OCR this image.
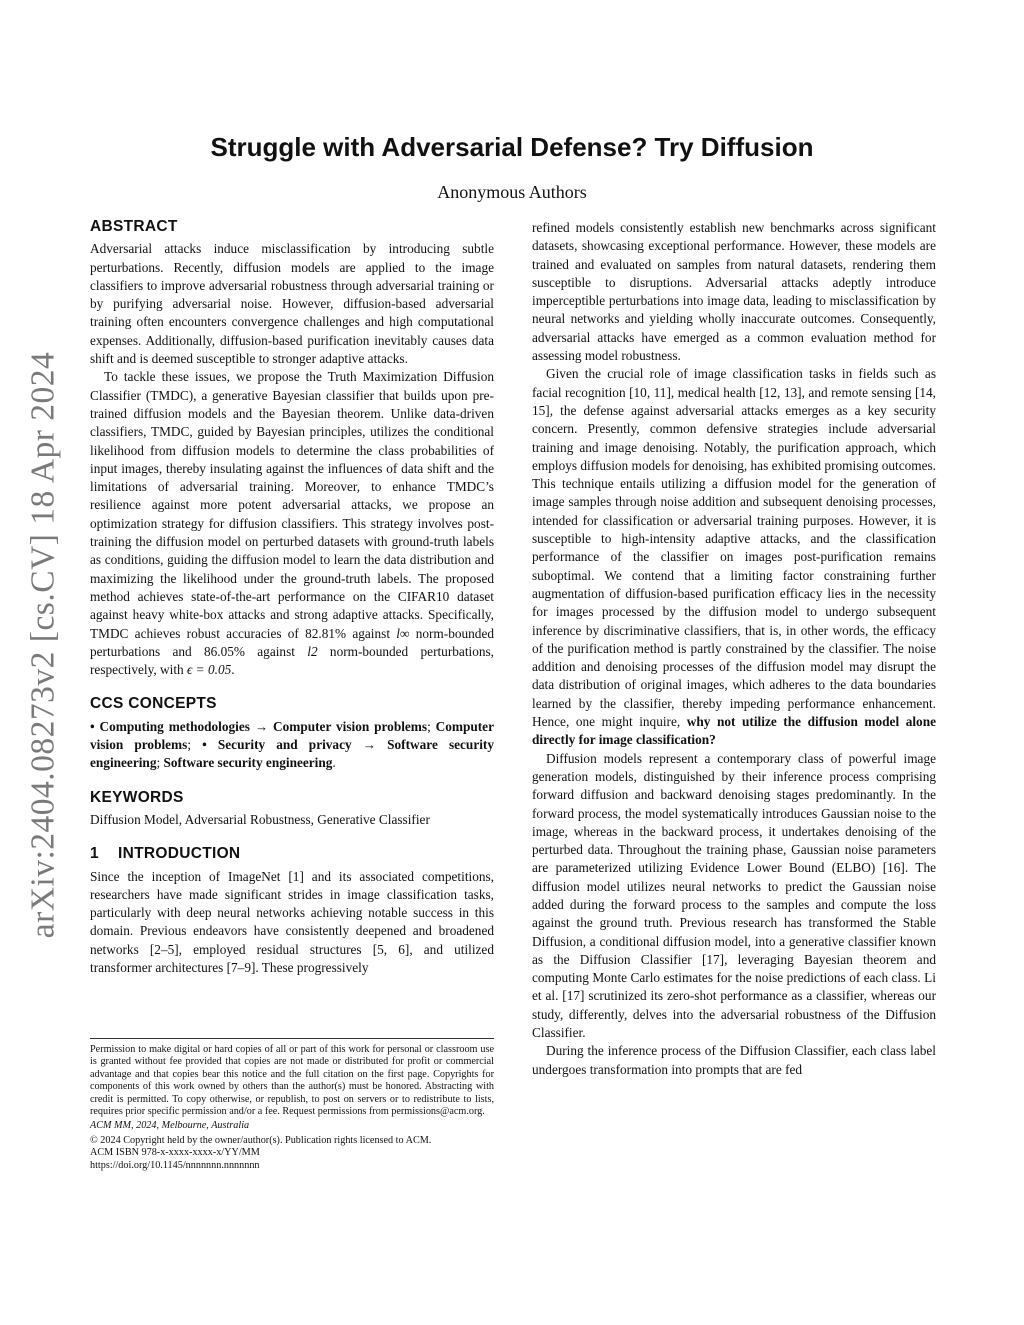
arXiv:2404.08273v2 [cs.CV] 18 Apr 2024
Struggle with Adversarial Defense? Try Diffusion
Anonymous Authors
ABSTRACT

Adversarial attacks induce misclassification by introducing subtle perturbations. Recently, diffusion models are applied to the image classifiers to improve adversarial robustness through adversarial training or by purifying adversarial noise. However, diffusion-based adversarial training often encounters convergence challenges and high computational expenses. Additionally, diffusion-based purification inevitably causes data shift and is deemed susceptible to stronger adaptive attacks.

To tackle these issues, we propose the Truth Maximization Diffusion Classifier (TMDC), a generative Bayesian classifier that builds upon pre-trained diffusion models and the Bayesian theorem. Unlike data-driven classifiers, TMDC, guided by Bayesian principles, utilizes the conditional likelihood from diffusion models to determine the class probabilities of input images, thereby insulating against the influences of data shift and the limitations of adversarial training. Moreover, to enhance TMDC’s resilience against more potent adversarial attacks, we propose an optimization strategy for diffusion classifiers. This strategy involves post-training the diffusion model on perturbed datasets with ground-truth labels as conditions, guiding the diffusion model to learn the data distribution and maximizing the likelihood under the ground-truth labels. The proposed method achieves state-of-the-art performance on the CIFAR10 dataset against heavy white-box attacks and strong adaptive attacks. Specifically, TMDC achieves robust accuracies of 82.81% against l∞ norm-bounded perturbations and 86.05% against l2 norm-bounded perturbations, respectively, with ϵ = 0.05.

CCS CONCEPTS

• Computing methodologies → Computer vision problems; Computer vision problems; • Security and privacy → Software security engineering; Software security engineering.

KEYWORDS

Diffusion Model, Adversarial Robustness, Generative Classifier

1 INTRODUCTION

Since the inception of ImageNet [1] and its associated competitions, researchers have made significant strides in image classification tasks, particularly with deep neural networks achieving notable success in this domain. Previous endeavors have consistently deepened and broadened networks [2–5], employed residual structures [5, 6], and utilized transformer architectures [7–9]. These progressively

Permission to make digital or hard copies of all or part of this work for personal or classroom use is granted without fee provided that copies are not made or distributed for profit or commercial advantage and that copies bear this notice and the full citation on the first page. Copyrights for components of this work owned by others than the author(s) must be honored. Abstracting with credit is permitted. To copy otherwise, or republish, to post on servers or to redistribute to lists, requires prior specific permission and/or a fee. Request permissions from permissions@acm.org.

ACM MM, 2024, Melbourne, Australia

© 2024 Copyright held by the owner/author(s). Publication rights licensed to ACM.

ACM ISBN 978-x-xxxx-xxxx-x/YY/MM

https://doi.org/10.1145/nnnnnnn.nnnnnnn

refined models consistently establish new benchmarks across significant datasets, showcasing exceptional performance. However, these models are trained and evaluated on samples from natural datasets, rendering them susceptible to disruptions. Adversarial attacks adeptly introduce imperceptible perturbations into image data, leading to misclassification by neural networks and yielding wholly inaccurate outcomes. Consequently, adversarial attacks have emerged as a common evaluation method for assessing model robustness.

Given the crucial role of image classification tasks in fields such as facial recognition [10, 11], medical health [12, 13], and remote sensing [14, 15], the defense against adversarial attacks emerges as a key security concern. Presently, common defensive strategies include adversarial training and image denoising. Notably, the purification approach, which employs diffusion models for denoising, has exhibited promising outcomes. This technique entails utilizing a diffusion model for the generation of image samples through noise addition and subsequent denoising processes, intended for classification or adversarial training purposes. However, it is susceptible to high-intensity adaptive attacks, and the classification performance of the classifier on images post-purification remains suboptimal. We contend that a limiting factor constraining further augmentation of diffusion-based purification efficacy lies in the necessity for images processed by the diffusion model to undergo subsequent inference by discriminative classifiers, that is, in other words, the efficacy of the purification method is partly constrained by the classifier. The noise addition and denoising processes of the diffusion model may disrupt the data distribution of original images, which adheres to the data boundaries learned by the classifier, thereby impeding performance enhancement. Hence, one might inquire, why not utilize the diffusion model alone directly for image classification?

Diffusion models represent a contemporary class of powerful image generation models, distinguished by their inference process comprising forward diffusion and backward denoising stages predominantly. In the forward process, the model systematically introduces Gaussian noise to the image, whereas in the backward process, it undertakes denoising of the perturbed data. Throughout the training phase, Gaussian noise parameters are parameterized utilizing Evidence Lower Bound (ELBO) [16]. The diffusion model utilizes neural networks to predict the Gaussian noise added during the forward process to the samples and compute the loss against the ground truth. Previous research has transformed the Stable Diffusion, a conditional diffusion model, into a generative classifier known as the Diffusion Classifier [17], leveraging Bayesian theorem and computing Monte Carlo estimates for the noise predictions of each class. Li et al. [17] scrutinized its zero-shot performance as a classifier, whereas our study, differently, delves into the adversarial robustness of the Diffusion Classifier.

During the inference process of the Diffusion Classifier, each class label undergoes transformation into prompts that are fed
